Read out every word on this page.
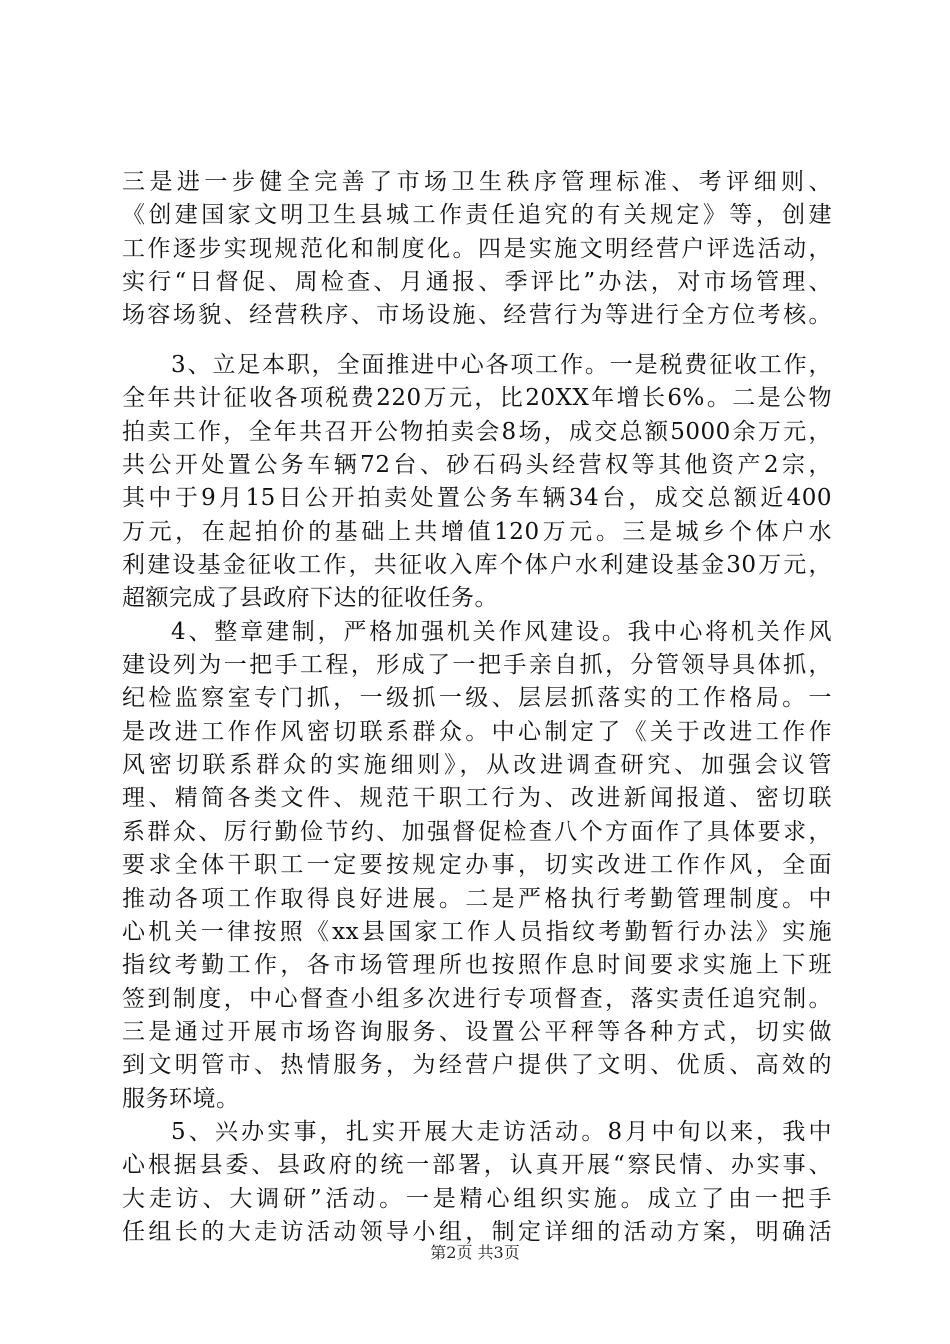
三是进一步健全完善了市场卫生秩序管理标准、考评细则、
《创建国家文明卫生县城工作责任追究的有关规定》等，创建
工作逐步实现规范化和制度化。四是实施文明经营户评选活动，
实行“日督促、周检查、月通报、季评比”办法，对市场管理、
场容场貌、经营秩序、市场设施、经营行为等进行全方位考核。
3、立足本职，全面推进中心各项工作。一是税费征收工作，
全年共计征收各项税费220万元，比20XX年增长6%。二是公物
拍卖工作，全年共召开公物拍卖会8场，成交总额5000余万元，
共公开处置公务车辆72台、砂石码头经营权等其他资产2宗，
其中于9月15日公开拍卖处置公务车辆34台，成交总额近400
万元，在起拍价的基础上共增值120万元。三是城乡个体户水
利建设基金征收工作，共征收入库个体户水利建设基金30万元，
超额完成了县政府下达的征收任务。
4、整章建制，严格加强机关作风建设。我中心将机关作风
建设列为一把手工程，形成了一把手亲自抓，分管领导具体抓，
纪检监察室专门抓，一级抓一级、层层抓落实的工作格局。一
是改进工作作风密切联系群众。中心制定了《关于改进工作作
风密切联系群众的实施细则》，从改进调查研究、加强会议管
理、精简各类文件、规范干职工行为、改进新闻报道、密切联
系群众、厉行勤俭节约、加强督促检查八个方面作了具体要求，
要求全体干职工一定要按规定办事，切实改进工作作风，全面
推动各项工作取得良好进展。二是严格执行考勤管理制度。中
心机关一律按照《xx县国家工作人员指纹考勤暂行办法》实施
指纹考勤工作，各市场管理所也按照作息时间要求实施上下班
签到制度，中心督查小组多次进行专项督查，落实责任追究制。
三是通过开展市场咨询服务、设置公平秤等各种方式，切实做
到文明管市、热情服务，为经营户提供了文明、优质、高效的
服务环境。
5、兴办实事，扎实开展大走访活动。8月中旬以来，我中
心根据县委、县政府的统一部署，认真开展“察民情、办实事、
大走访、大调研”活动。一是精心组织实施。成立了由一把手
任组长的大走访活动领导小组，制定详细的活动方案，明确活
第2页 共3页
